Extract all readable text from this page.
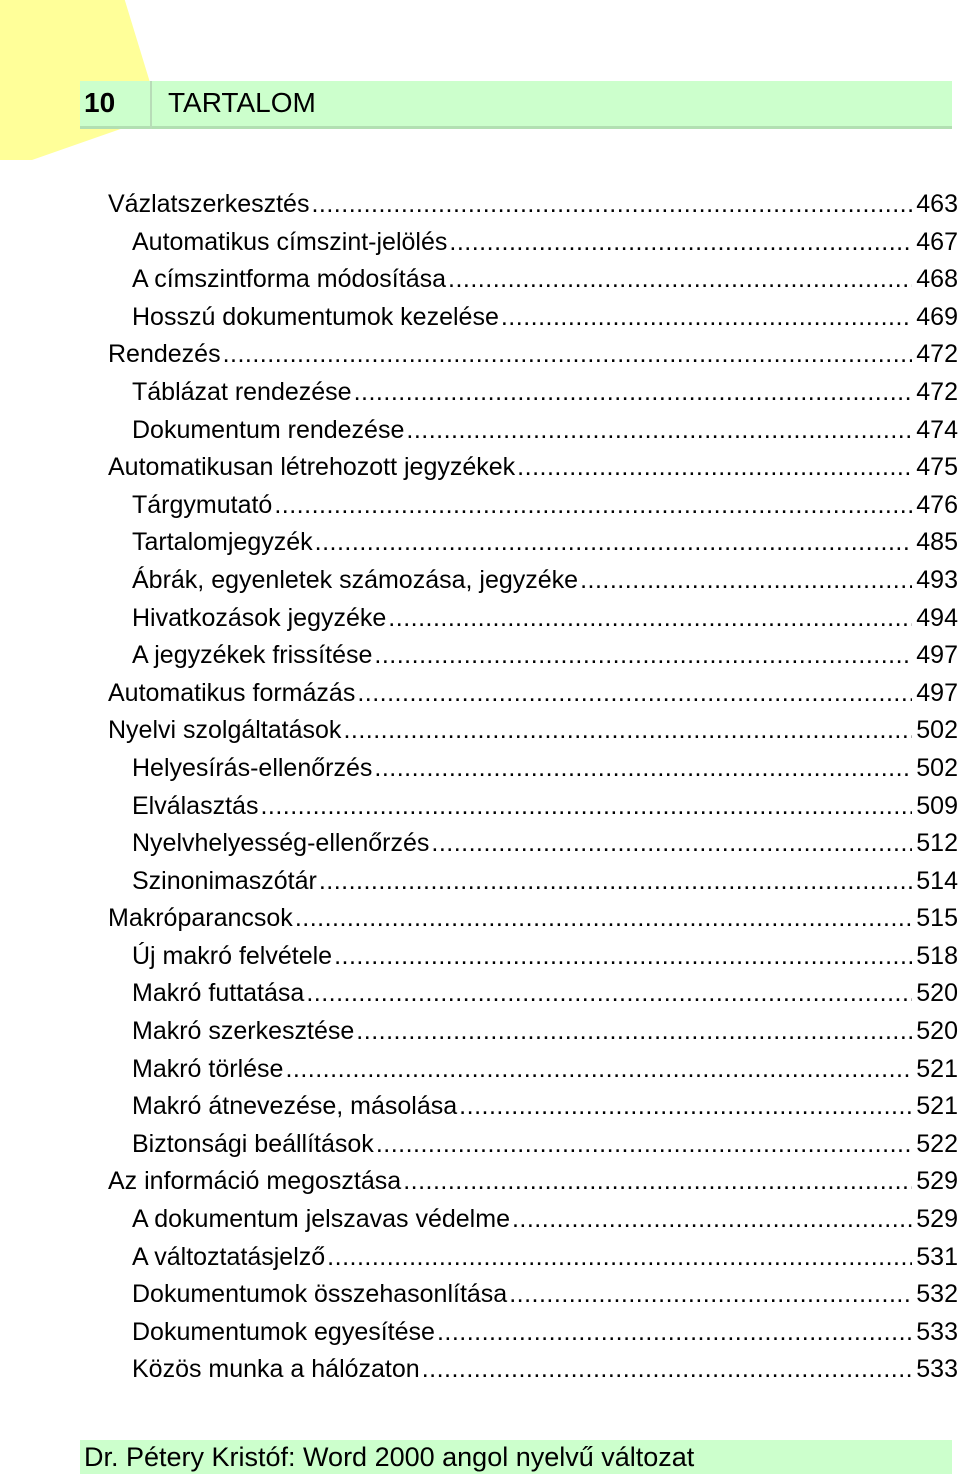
10 TARTALOM
Vázlatszerkesztés .....	463
Automatikus címszint-jelölés .....	467
A címszintforma módosítása .....	468
Hosszú dokumentumok kezelése .....	469
Rendezés .....	472
Táblázat rendezése .....	472
Dokumentum rendezése .....	474
Automatikusan létrehozott jegyzékek .....	475
Tárgymutató .....	476
Tartalomjegyzék .....	485
Ábrák, egyenletek számozása, jegyzéke .....	493
Hivatkozások jegyzéke .....	494
A jegyzékek frissítése .....	497
Automatikus formázás .....	497
Nyelvi szolgáltatások .....	502
Helyesírás-ellenőrzés .....	502
Elválasztás .....	509
Nyelvhelyesség-ellenőrzés .....	512
Szinonimaszótár .....	514
Makróparancsok .....	515
Új makró felvétele .....	518
Makró futtatása .....	520
Makró szerkesztése .....	520
Makró törlése .....	521
Makró átnevezése, másolása .....	521
Biztonsági beállítások .....	522
Az információ megosztása .....	529
A dokumentum jelszavas védelme .....	529
A változtatásjelző .....	531
Dokumentumok összehasonlítása .....	532
Dokumentumok egyesítése .....	533
Közös munka a hálózaton .....	533
Dr. Pétery Kristóf: Word 2000 angol nyelvű változat
